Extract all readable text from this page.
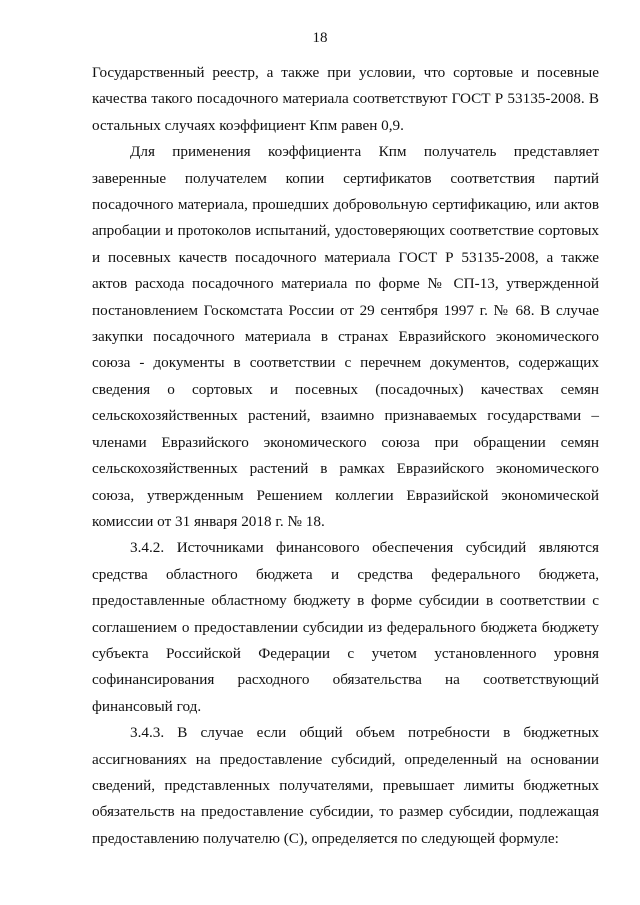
18

Государственный реестр, а также при условии, что сортовые и посевные качества такого посадочного материала соответствуют ГОСТ Р 53135-2008. В остальных случаях коэффициент Кпм равен 0,9.

Для применения коэффициента Кпм получатель представляет заверенные получателем копии сертификатов соответствия партий посадочного материала, прошедших добровольную сертификацию, или актов апробации и протоколов испытаний, удостоверяющих соответствие сортовых и посевных качеств посадочного материала ГОСТ Р 53135-2008, а также актов расхода посадочного материала по форме № СП-13, утвержденной постановлением Госкомстата России от 29 сентября 1997 г. № 68. В случае закупки посадочного материала в странах Евразийского экономического союза - документы в соответствии с перечнем документов, содержащих сведения о сортовых и посевных (посадочных) качествах семян сельскохозяйственных растений, взаимно признаваемых государствами – членами Евразийского экономического союза при обращении семян сельскохозяйственных растений в рамках Евразийского экономического союза, утвержденным Решением коллегии Евразийской экономической комиссии от 31 января 2018 г. № 18.

3.4.2. Источниками финансового обеспечения субсидий являются средства областного бюджета и средства федерального бюджета, предоставленные областному бюджету в форме субсидии в соответствии с соглашением о предоставлении субсидии из федерального бюджета бюджету субъекта Российской Федерации с учетом установленного уровня софинансирования расходного обязательства на соответствующий финансовый год.

3.4.3. В случае если общий объем потребности в бюджетных ассигнованиях на предоставление субсидий, определенный на основании сведений, представленных получателями, превышает лимиты бюджетных обязательств на предоставление субсидии, то размер субсидии, подлежащая предоставлению получателю (С), определяется по следующей формуле:
